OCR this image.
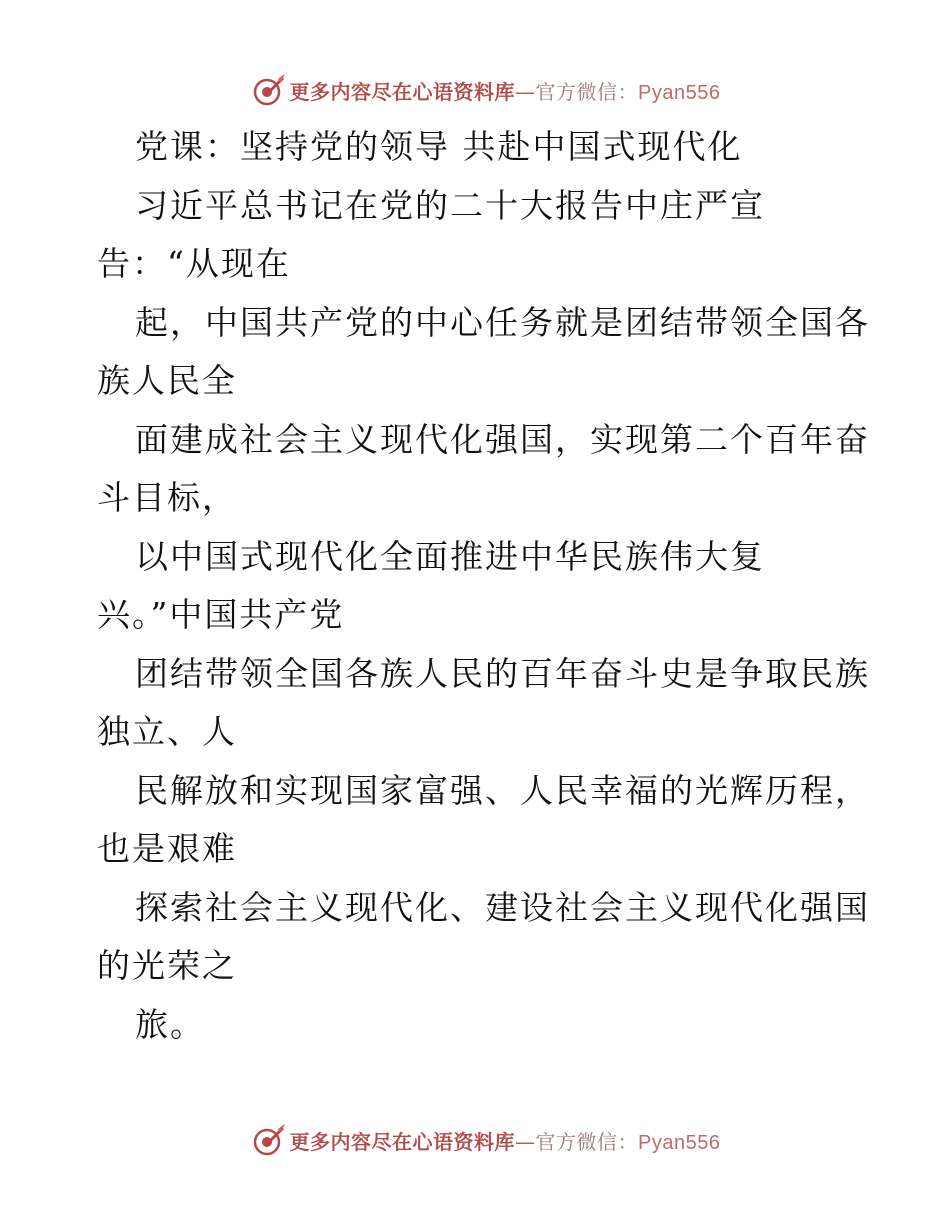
更多内容尽在心语资料库—官方微信：Pyan556
党课：坚持党的领导 共赴中国式现代化
习近平总书记在党的二十大报告中庄严宣
告：“从现在
起，中国共产党的中心任务就是团结带领全国各
族人民全
面建成社会主义现代化强国，实现第二个百年奋
斗目标，
以中国式现代化全面推进中华民族伟大复
兴。”中国共产党
团结带领全国各族人民的百年奋斗史是争取民族
独立、人
民解放和实现国家富强、人民幸福的光辉历程，
也是艰难
探索社会主义现代化、建设社会主义现代化强国
的光荣之
旅。
更多内容尽在心语资料库—官方微信：Pyan556
